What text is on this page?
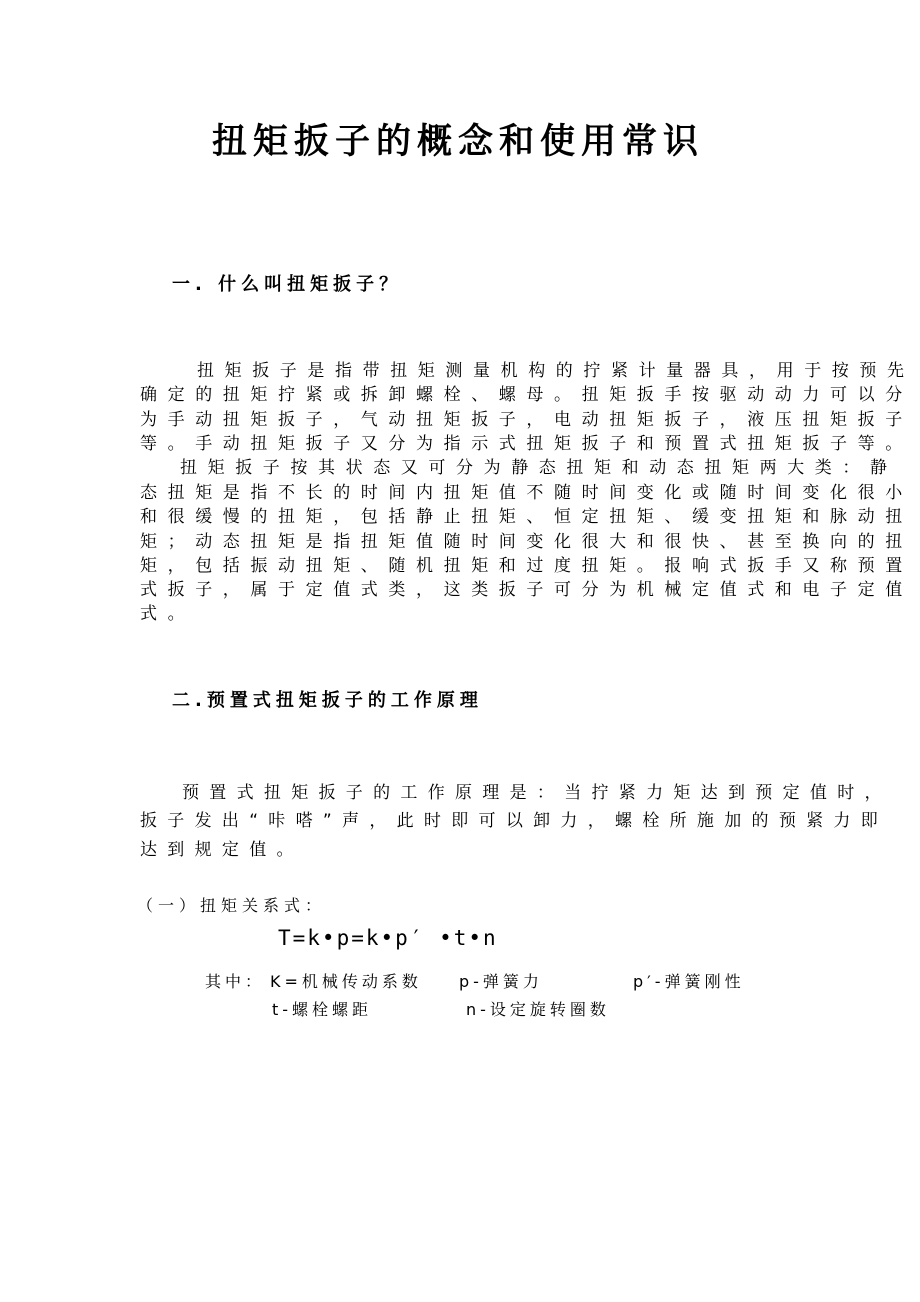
扭矩扳子的概念和使用常识
一. 什么叫扭矩扳子？
扭矩扳子是指带扭矩测量机构的拧紧计量器具，用于按预先
确定的扭矩拧紧或拆卸螺栓、螺母。扭矩扳手按驱动动力可以分
为手动扭矩扳子，气动扭矩扳子，电动扭矩扳子，液压扭矩扳子
等。手动扭矩扳子又分为指示式扭矩扳子和预置式扭矩扳子等。
扭矩扳子按其状态又可分为静态扭矩和动态扭矩两大类：静
态扭矩是指不长的时间内扭矩值不随时间变化或随时间变化很小
和很缓慢的扭矩，包括静止扭矩、恒定扭矩、缓变扭矩和脉动扭
矩；动态扭矩是指扭矩值随时间变化很大和很快、甚至换向的扭
矩，包括振动扭矩、随机扭矩和过度扭矩。报响式扳手又称预置
式扳子，属于定值式类，这类扳子可分为机械定值式和电子定值
式。
二.预置式扭矩扳子的工作原理
预置式扭矩扳子的工作原理是：当拧紧力矩达到预定值时，
扳子发出“咔嗒”声，此时即可以卸力，螺栓所施加的预紧力即
达到规定值。
（一）扭矩关系式：
T=k•p=k•p′ •t•n
其中： K=机械传动系数 p-弹簧力	p′-弹簧刚性
t-螺栓螺距	n-设定旋转圈数
